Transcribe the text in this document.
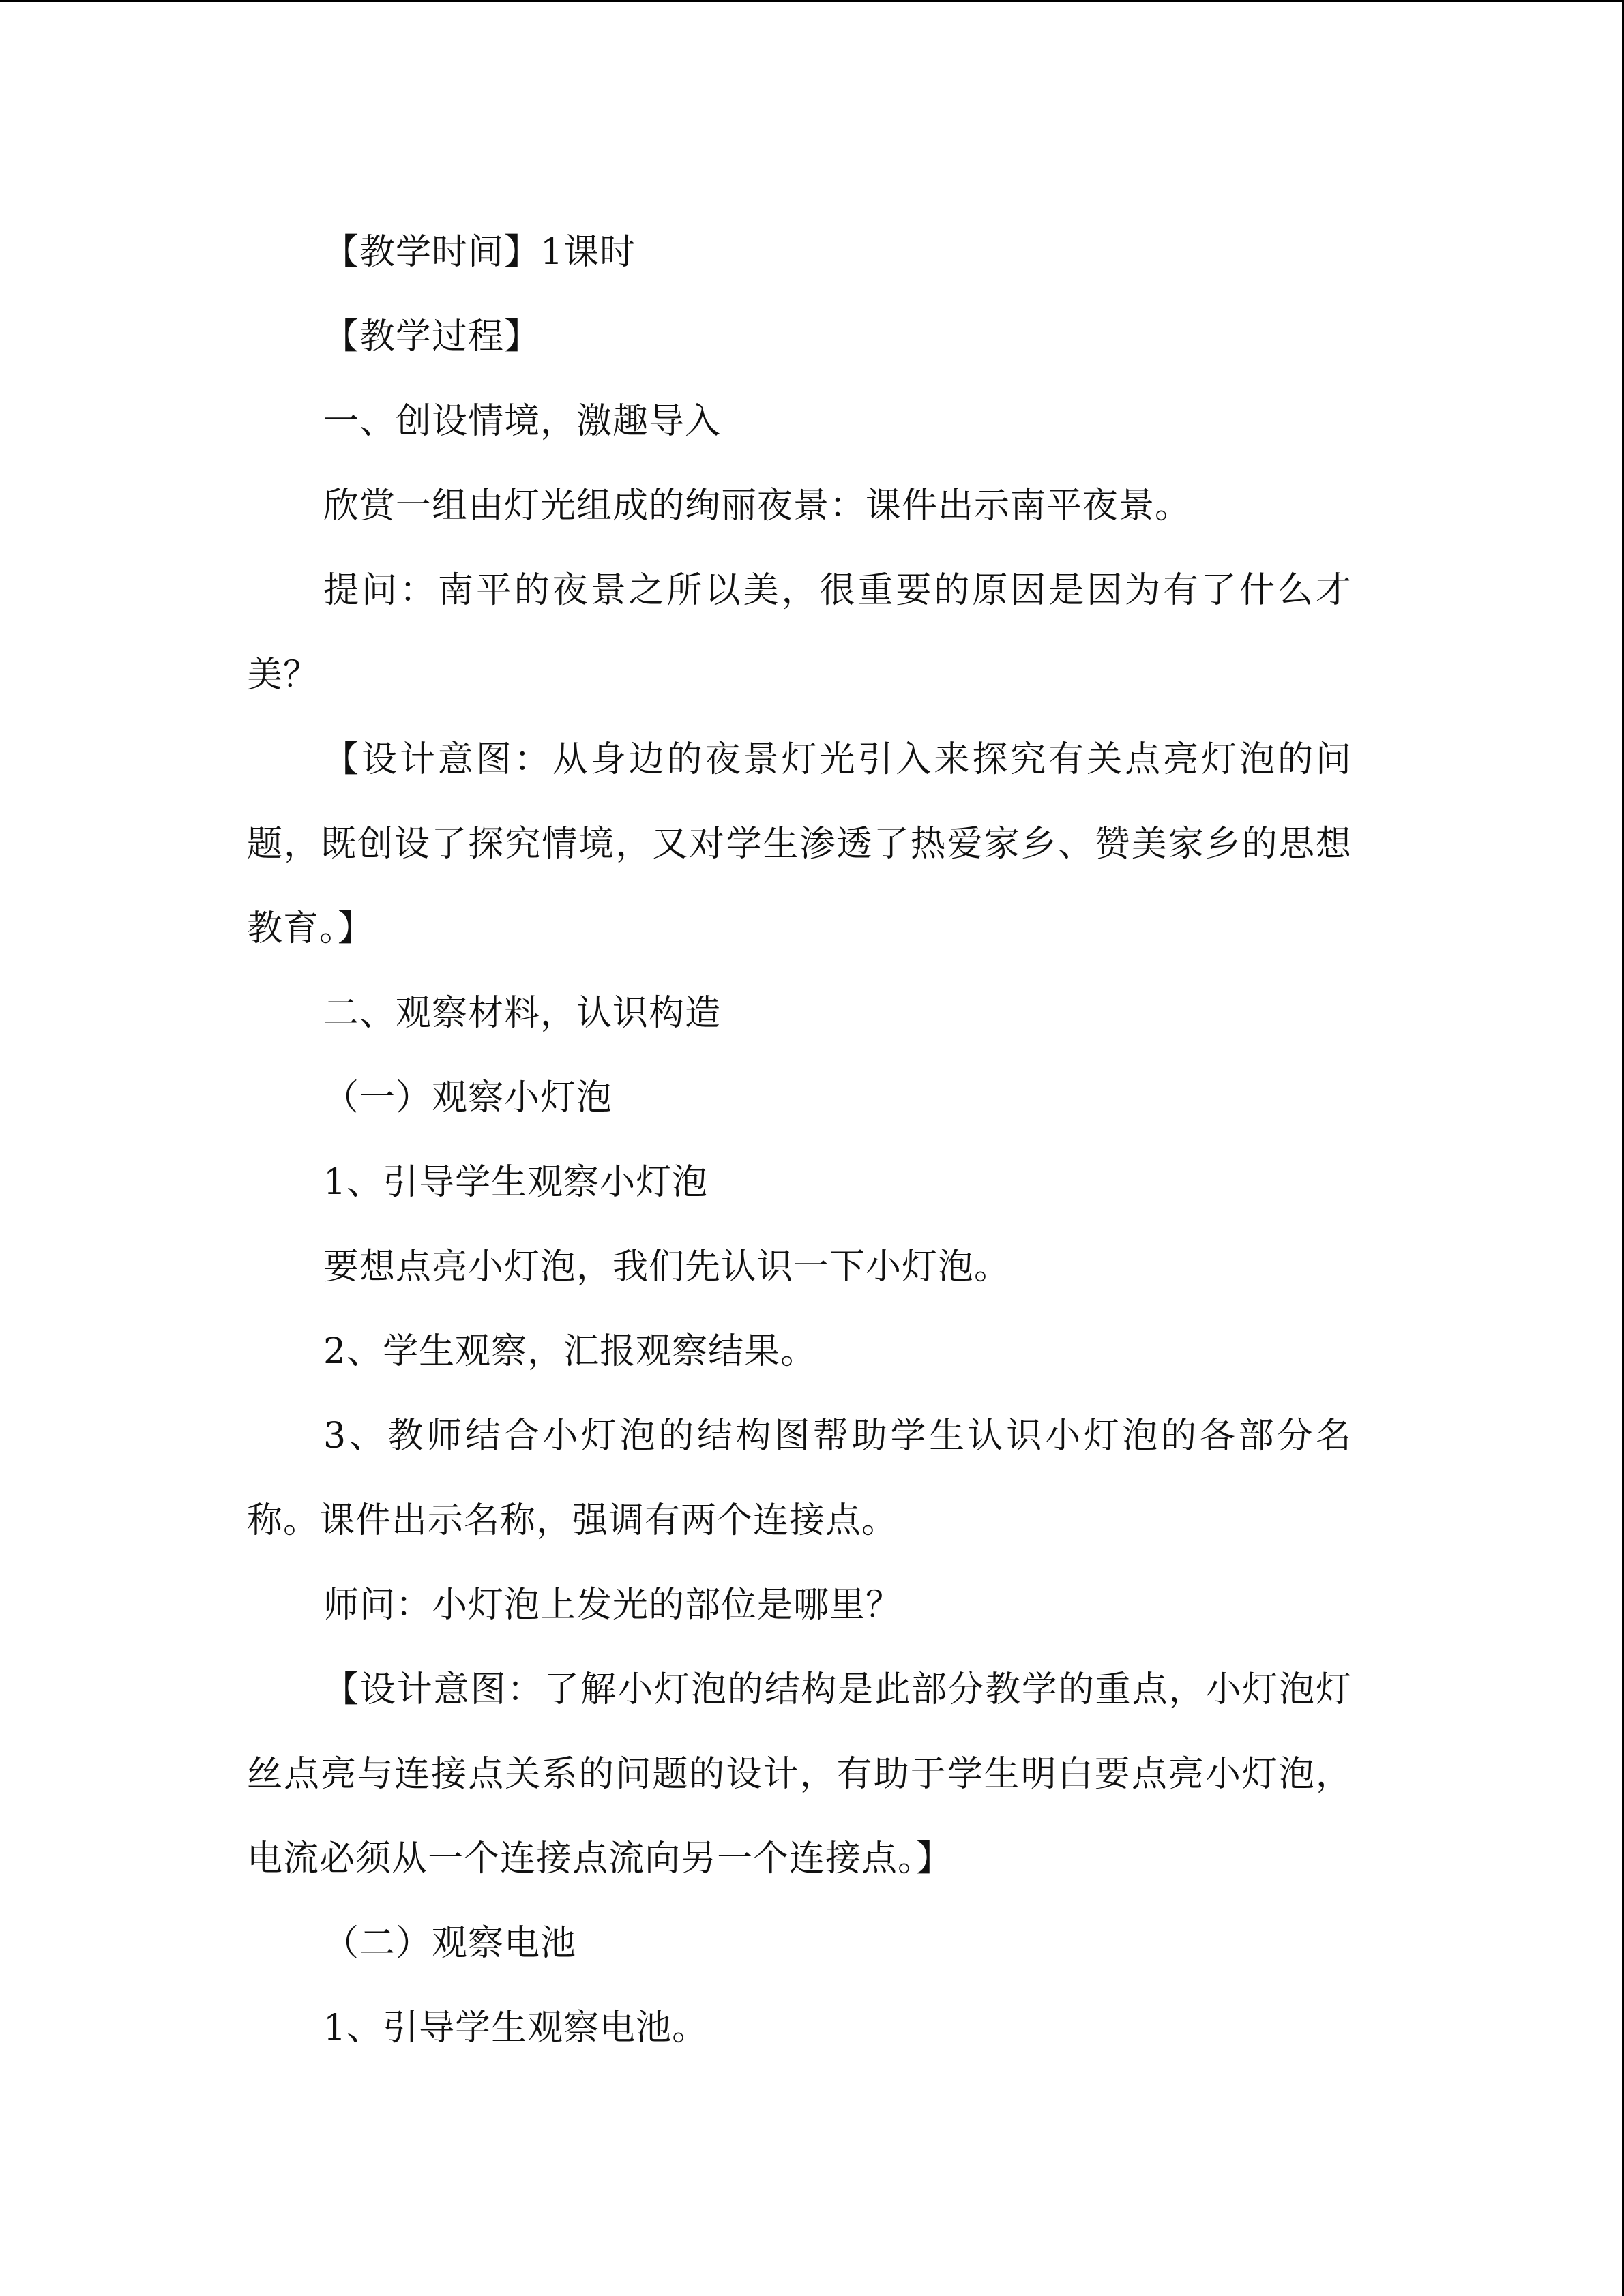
【教学时间】1课时

【教学过程】

一、创设情境，激趣导入

欣赏一组由灯光组成的绚丽夜景：课件出示南平夜景。

提问：南平的夜景之所以美，很重要的原因是因为有了什么才美？

【设计意图：从身边的夜景灯光引入来探究有关点亮灯泡的问题，既创设了探究情境，又对学生渗透了热爱家乡、赞美家乡的思想教育。】

二、观察材料，认识构造

（一）观察小灯泡

1、引导学生观察小灯泡

要想点亮小灯泡，我们先认识一下小灯泡。

2、学生观察，汇报观察结果。

3、教师结合小灯泡的结构图帮助学生认识小灯泡的各部分名称。课件出示名称，强调有两个连接点。

师问：小灯泡上发光的部位是哪里？

【设计意图：了解小灯泡的结构是此部分教学的重点，小灯泡灯丝点亮与连接点关系的问题的设计，有助于学生明白要点亮小灯泡，电流必须从一个连接点流向另一个连接点。】

（二）观察电池

1、引导学生观察电池。
